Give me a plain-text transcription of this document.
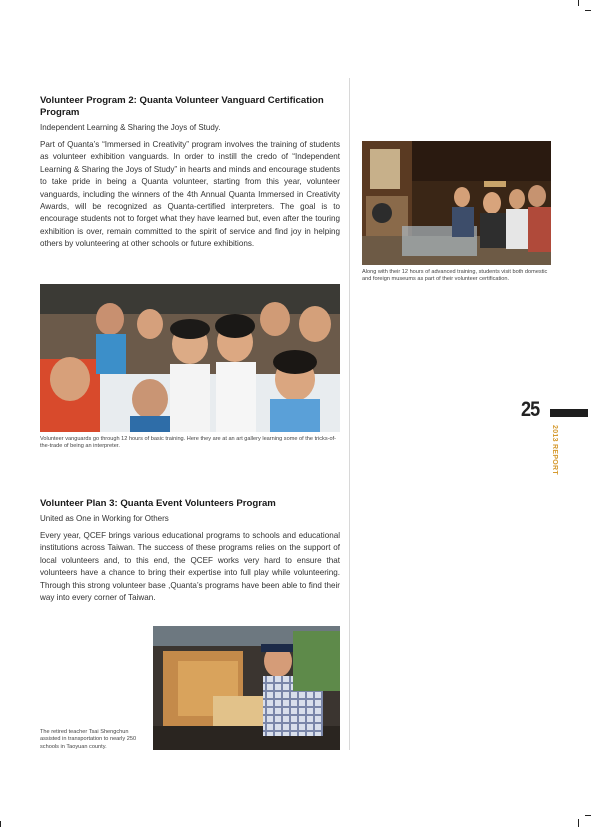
Volunteer Program 2: Quanta Volunteer Vanguard Certification Program
Independent Learning & Sharing the Joys of Study.
Part of Quanta’s “Immersed in Creativity” program involves the training of students as volunteer exhibition vanguards. In order to instill the credo of “Independent Learning & Sharing the Joys of Study” in hearts and minds and encourage students to take pride in being a Quanta volunteer, starting from this year, volunteer vanguards, including the winners of the 4th Annual Quanta Immersed in Creativity Awards, will be recognized as Quanta-certified interpreters. The goal is to encourage students not to forget what they have learned but, even after the touring exhibition is over, remain committed to the spirit of service and find joy in helping others by volunteering at other schools or future exhibitions.
Along with their 12 hours of advanced training, students visit both domestic and foreign museums as part of their volunteer certification.
Volunteer vanguards go through 12 hours of basic training. Here they are at an art gallery learning some of the tricks-of-the-trade of being an interpreter.
Volunteer Plan 3: Quanta Event Volunteers Program
United as One in Working for Others
Every year, QCEF brings various educational programs to schools and educational institutions across Taiwan. The success of these programs relies on the support of local volunteers and, to this end, the QCEF works very hard to ensure that volunteers have a chance to bring their expertise into full play while volunteering. Through this strong volunteer base ,Quanta’s programs have been able to find their way into every corner of Taiwan.
The retired teacher Tsai Shengchun assisted in transportation to nearly 250 schools in Taoyuan county.
25
2013 REPORT
